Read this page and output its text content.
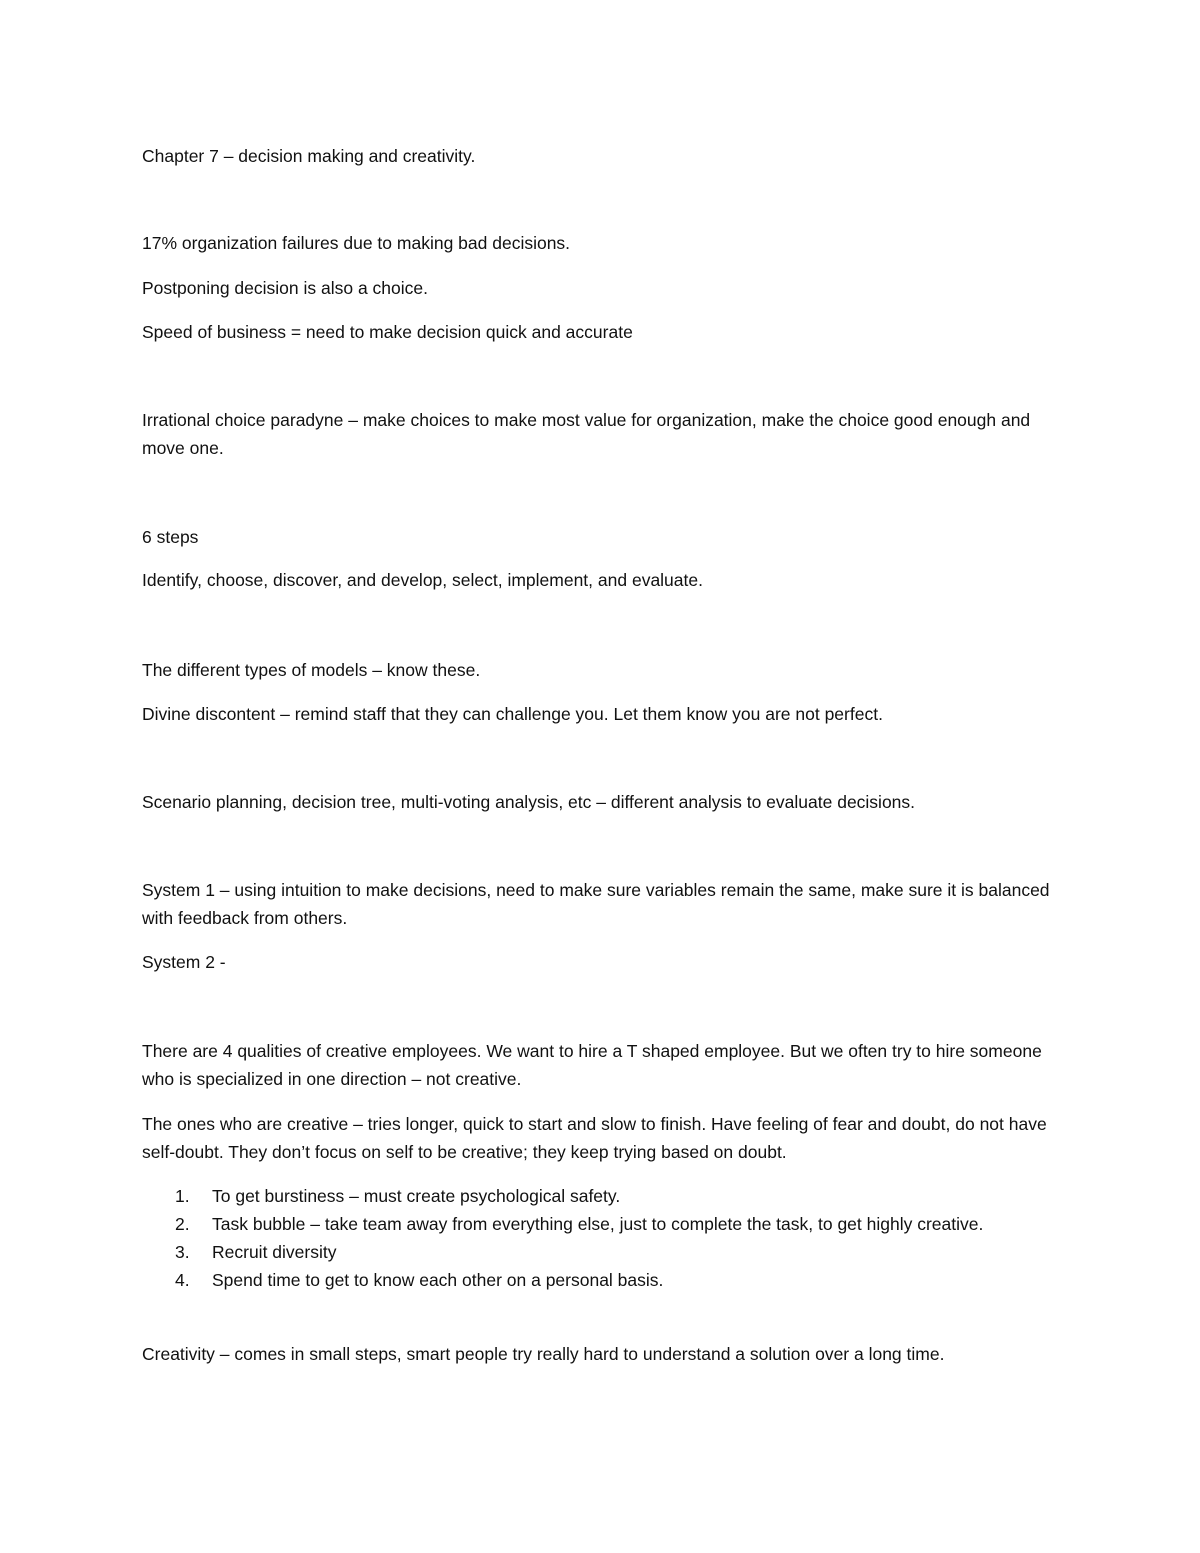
Chapter 7 – decision making and creativity.

17% organization failures due to making bad decisions.

Postponing decision is also a choice.

Speed of business = need to make decision quick and accurate

Irrational choice paradyne – make choices to make most value for organization, make the choice good enough and move one.

6 steps

Identify, choose, discover, and develop, select, implement, and evaluate.

The different types of models – know these.

Divine discontent – remind staff that they can challenge you. Let them know you are not perfect.

Scenario planning, decision tree, multi-voting analysis, etc – different analysis to evaluate decisions.

System 1 – using intuition to make decisions, need to make sure variables remain the same, make sure it is balanced with feedback from others.

System 2 -

There are 4 qualities of creative employees. We want to hire a T shaped employee. But we often try to hire someone who is specialized in one direction – not creative.

The ones who are creative – tries longer, quick to start and slow to finish. Have feeling of fear and doubt, do not have self-doubt. They don’t focus on self to be creative; they keep trying based on doubt.

1. To get burstiness – must create psychological safety.
2. Task bubble – take team away from everything else, just to complete the task, to get highly creative.
3. Recruit diversity
4. Spend time to get to know each other on a personal basis.

Creativity – comes in small steps, smart people try really hard to understand a solution over a long time.
